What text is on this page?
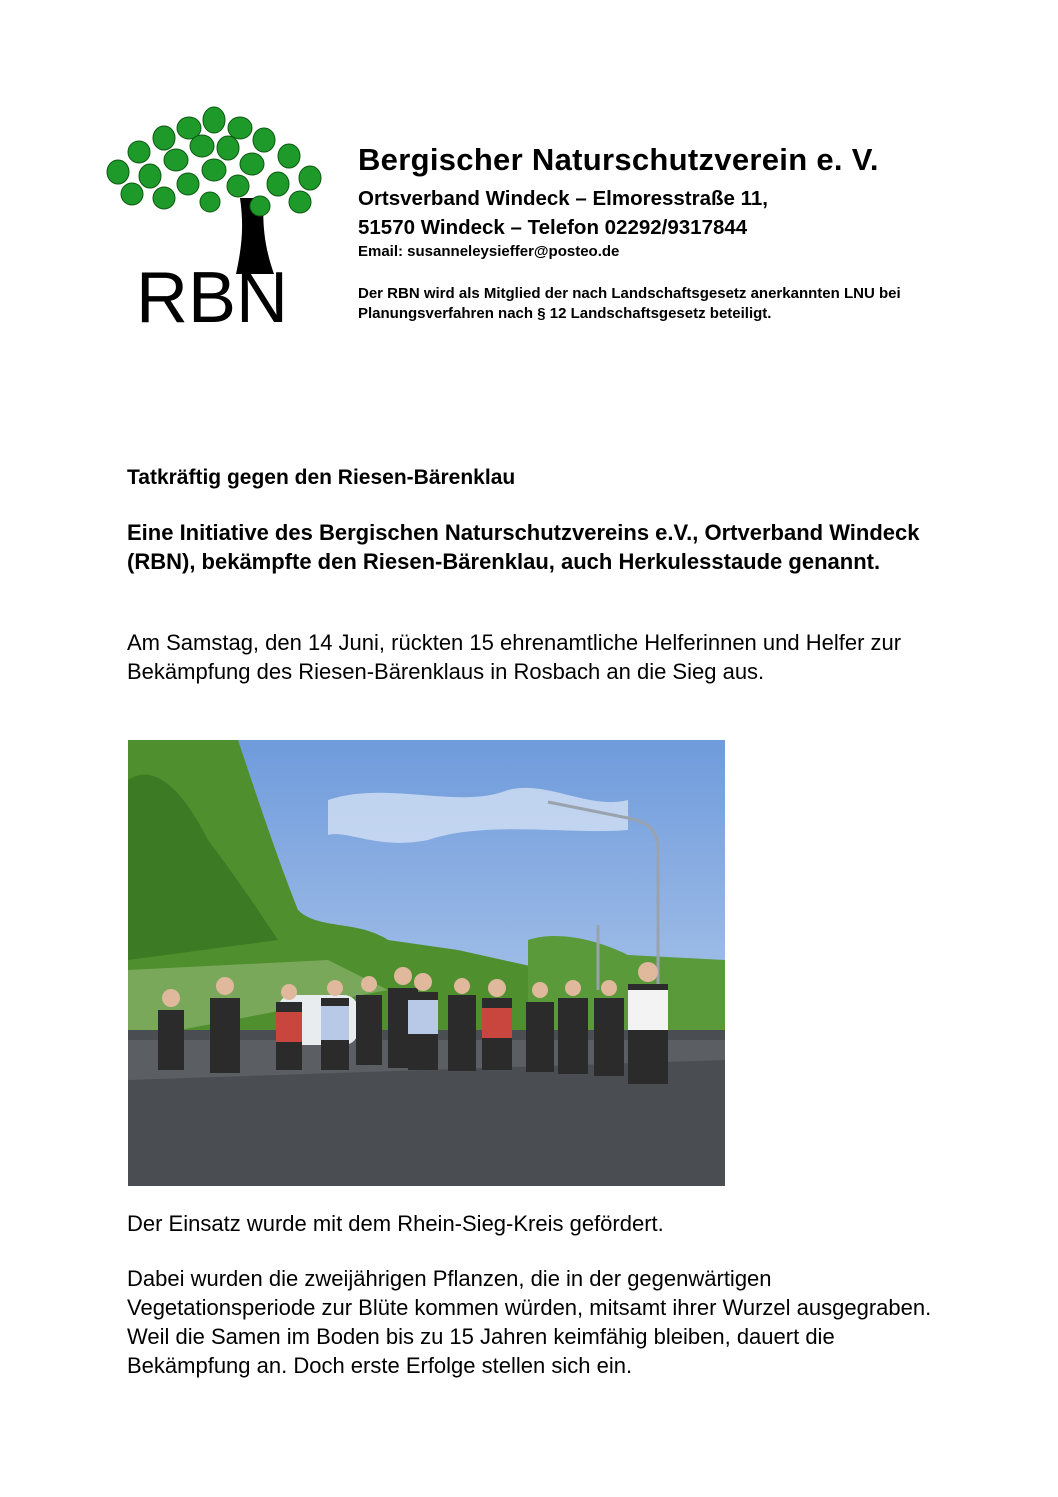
RBN
Bergischer Naturschutzverein e. V.
Ortsverband Windeck – Elmoresstraße 11,
51570 Windeck – Telefon 02292/9317844
Email: susanneleysieffer@posteo.de
Der RBN wird als Mitglied der nach Landschaftsgesetz anerkannten LNU bei Planungsverfahren nach § 12 Landschaftsgesetz beteiligt.
Tatkräftig gegen den Riesen-Bärenklau
Eine Initiative des Bergischen Naturschutzvereins e.V., Ortverband Windeck (RBN), bekämpfte den Riesen-Bärenklau, auch Herkulesstaude genannt.
Am Samstag, den 14 Juni, rückten 15 ehrenamtliche Helferinnen und Helfer zur Bekämpfung des Riesen-Bärenklaus in Rosbach an die Sieg aus.
Der Einsatz wurde mit dem Rhein-Sieg-Kreis gefördert.
Dabei wurden die zweijährigen Pflanzen, die in der gegenwärtigen Vegetationsperiode zur Blüte kommen würden, mitsamt ihrer Wurzel ausgegraben. Weil die Samen im Boden bis zu 15 Jahren keimfähig bleiben, dauert die Bekämpfung an. Doch erste Erfolge stellen sich ein.
